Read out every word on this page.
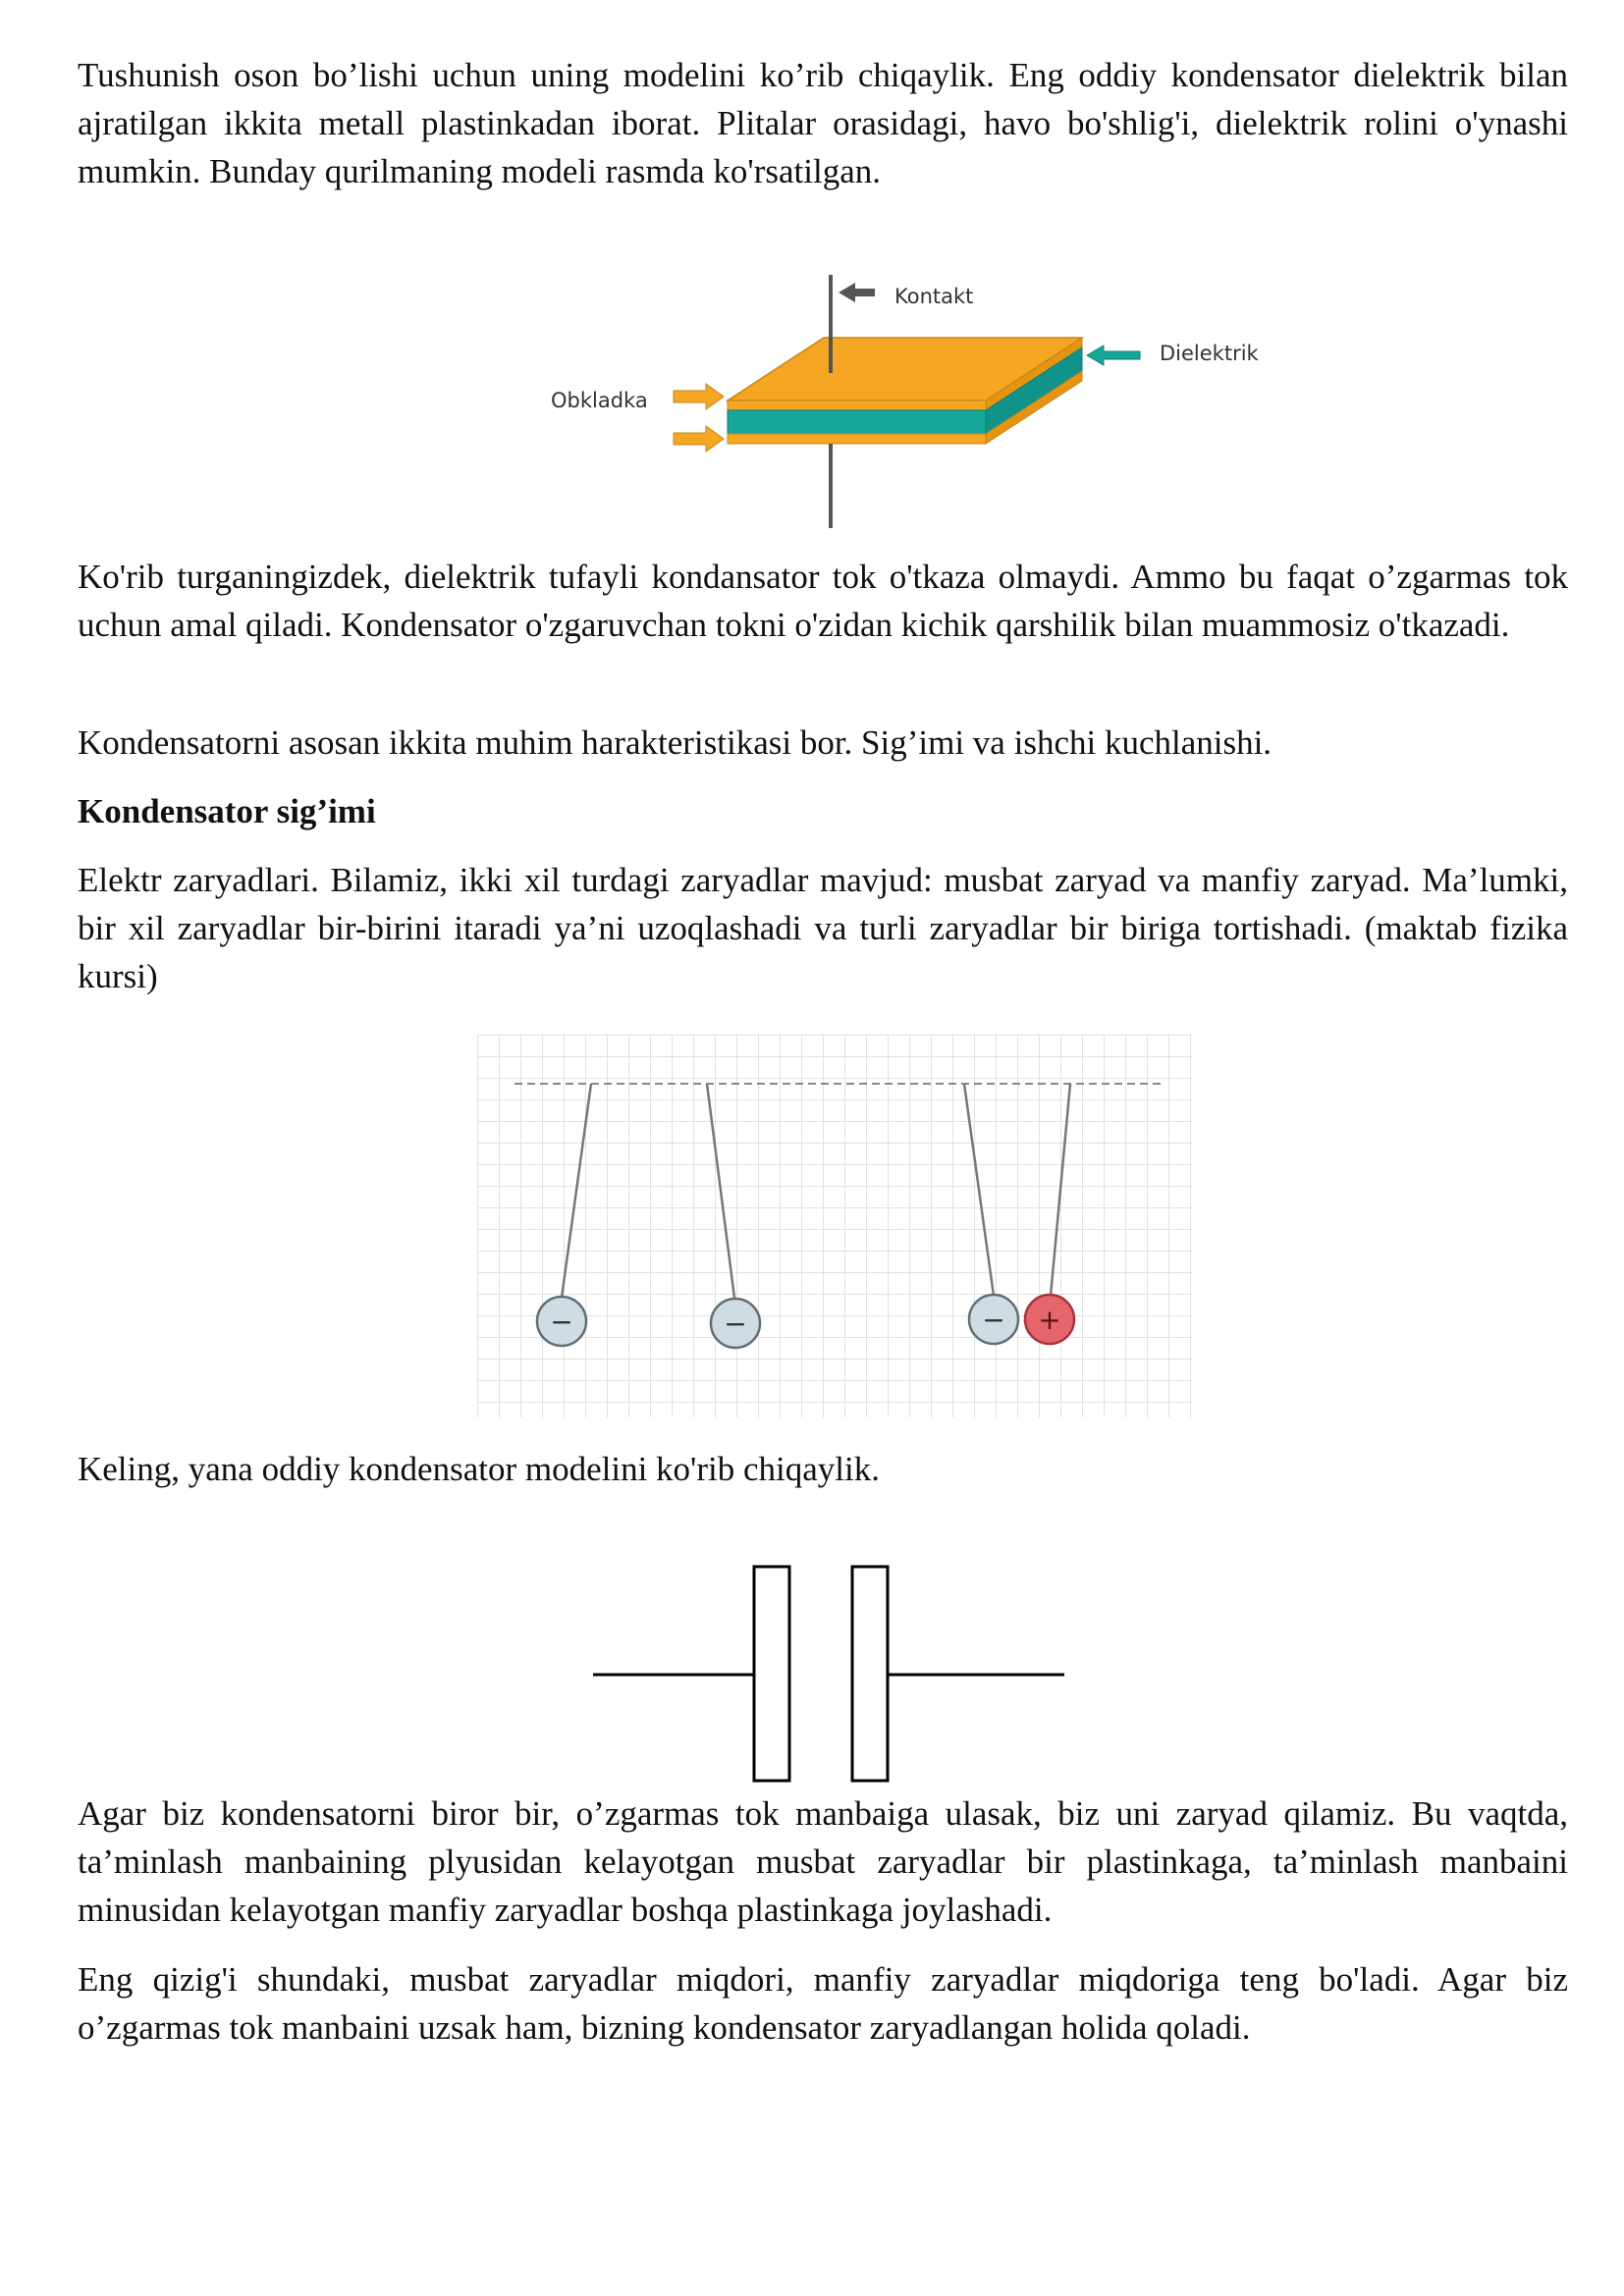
Tushunish oson bo’lishi uchun uning modelini ko’rib chiqaylik. Eng oddiy kondensator dielektrik bilan ajratilgan ikkita metall plastinkadan iborat. Plitalar orasidagi, havo bo'shlig'i, dielektrik rolini o'ynashi mumkin. Bunday qurilmaning modeli rasmda ko'rsatilgan.

Kontakt
Dielektrik
Obkladka

Ko'rib turganingizdek, dielektrik tufayli kondansator tok o'tkaza olmaydi. Ammo bu faqat o’zgarmas tok uchun amal qiladi. Kondensator o'zgaruvchan tokni o'zidan kichik qarshilik bilan muammosiz o'tkazadi.

Kondensatorni asosan ikkita muhim harakteristikasi bor. Sig’imi va ishchi kuchlanishi.

Kondensator sig’imi

Elektr zaryadlari. Bilamiz, ikki xil turdagi zaryadlar mavjud: musbat zaryad va manfiy zaryad. Ma’lumki, bir xil zaryadlar bir-birini itaradi ya’ni uzoqlashadi va turli zaryadlar bir biriga tortishadi. (maktab fizika kursi)

−	−	− +

Keling, yana oddiy kondensator modelini ko'rib chiqaylik.

Agar biz kondensatorni biror bir, o’zgarmas tok manbaiga ulasak, biz uni zaryad qilamiz. Bu vaqtda, ta’minlash manbaining plyusidan kelayotgan musbat zaryadlar bir plastinkaga, ta’minlash manbaini minusidan kelayotgan manfiy zaryadlar boshqa plastinkaga joylashadi.

Eng qizig'i shundaki, musbat zaryadlar miqdori, manfiy zaryadlar miqdoriga teng bo'ladi. Agar biz o’zgarmas tok manbaini uzsak ham, bizning kondensator zaryadlangan holida qoladi.
